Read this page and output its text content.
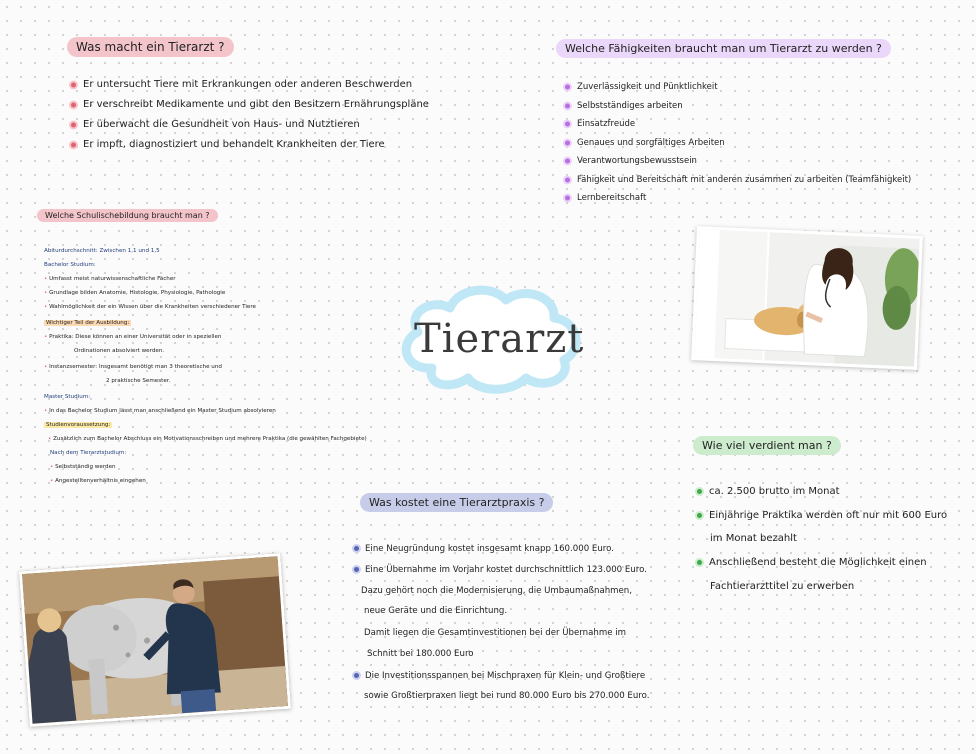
Tierarzt
Was macht ein Tierarzt ?
Er untersucht Tiere mit Erkrankungen oder anderen Beschwerden
Er verschreibt Medikamente und gibt den Besitzern Ernährungspläne
Er überwacht die Gesundheit von Haus- und Nutztieren
Er impft, diagnostiziert und behandelt Krankheiten der Tiere
Welche Fähigkeiten braucht man um Tierarzt zu werden ?
Zuverlässigkeit und Pünktlichkeit
Selbstständiges arbeiten
Einsatzfreude
Genaues und sorgfältiges Arbeiten
Verantwortungsbewusstsein
Fähigkeit und Bereitschaft mit anderen zusammen zu arbeiten (Teamfähigkeit)
Lernbereitschaft
Welche Schulischebildung braucht man ?
Abiturdurchschnitt: Zwischen 1,1 und 1,5
Bachelor Studium:
• Umfasst meist naturwissenschaftliche Fächer
• Grundlage bilden Anatomie, Histologie, Physiologie, Pathologie
• Wahlmöglichkeit der ein Wissen über die Krankheiten verschiedener Tiere
Wichtiger Teil der Ausbildung:
• Praktika: Diese können an einer Universität oder in speziellen
Ordinationen absolviert werden.
• Instanzsemester: Insgesamt benötigt man 3 theoretische und
2 praktische Semester.
Master Studium:
• In das Bachelor Studium lässt man anschließend ein Master Studium absolvieren
Studienvoraussetzung:
• Zusätzlich zum Bachelor Abschluss ein Motivationsschreiben und mehrere Praktika (die gewählten Fachgebiete)
Nach dem Tierarztstudium:
• Selbstständig werden
• Angestelltenverhältnis eingehen
Wie viel verdient man ?
ca. 2.500 brutto im Monat
Einjährige Praktika werden oft nur mit 600 Euro
im Monat bezahlt
Anschließend besteht die Möglichkeit einen
Fachtierarzttitel zu erwerben
Was kostet eine Tierarztpraxis ?
Eine Neugründung kostet insgesamt knapp 160.000 Euro.
Eine Übernahme im Vorjahr kostet durchschnittlich 123.000 Euro.
Dazu gehört noch die Modernisierung, die Umbaumaßnahmen,
neue Geräte und die Einrichtung.
Damit liegen die Gesamtinvestitionen bei der Übernahme im
Schnitt bei 180.000 Euro
Die Investitionsspannen bei Mischpraxen für Klein- und Großtiere
sowie Großtierpraxen liegt bei rund 80.000 Euro bis 270.000 Euro.
